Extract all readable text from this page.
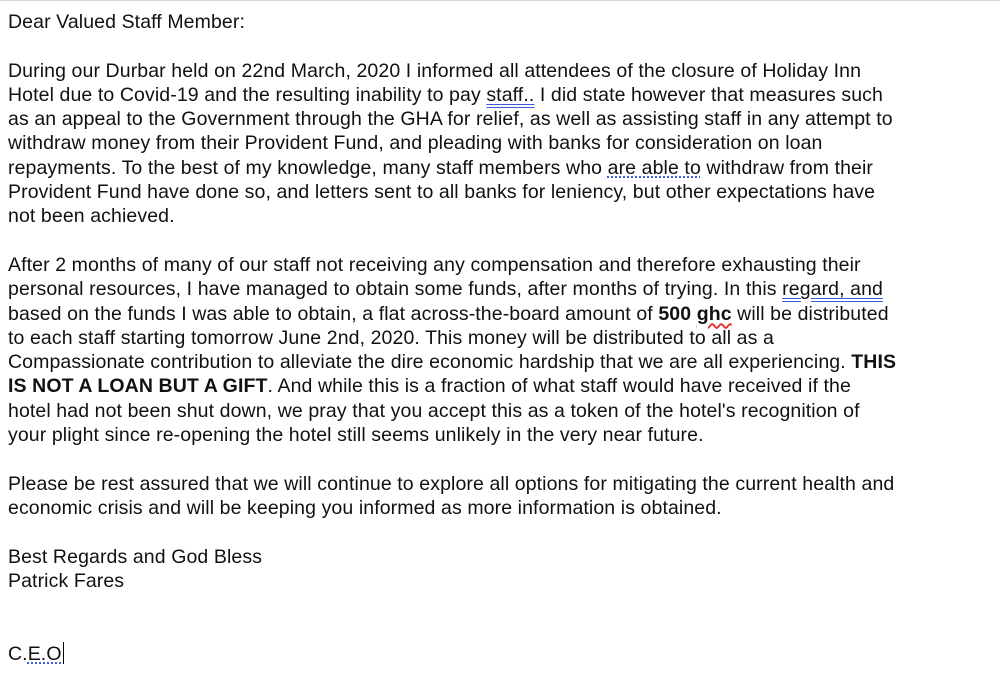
Dear Valued Staff Member:

During our Durbar held on 22nd March, 2020 I informed all attendees of the closure of Holiday Inn
Hotel due to Covid-19 and the resulting inability to pay staff.. I did state however that measures such
as an appeal to the Government through the GHA for relief, as well as assisting staff in any attempt to
withdraw money from their Provident Fund, and pleading with banks for consideration on loan
repayments. To the best of my knowledge, many staff members who are able to withdraw from their
Provident Fund have done so, and letters sent to all banks for leniency, but other expectations have
not been achieved.

After 2 months of many of our staff not receiving any compensation and therefore exhausting their
personal resources, I have managed to obtain some funds, after months of trying. In this regard, and
based on the funds I was able to obtain, a flat across-the-board amount of 500 ghc will be distributed
to each staff starting tomorrow June 2nd, 2020. This money will be distributed to all as a
Compassionate contribution to alleviate the dire economic hardship that we are all experiencing. THIS
IS NOT A LOAN BUT A GIFT. And while this is a fraction of what staff would have received if the
hotel had not been shut down, we pray that you accept this as a token of the hotel's recognition of
your plight since re-opening the hotel still seems unlikely in the very near future.

Please be rest assured that we will continue to explore all options for mitigating the current health and
economic crisis and will be keeping you informed as more information is obtained.

Best Regards and God Bless
Patrick Fares

C.E.O
